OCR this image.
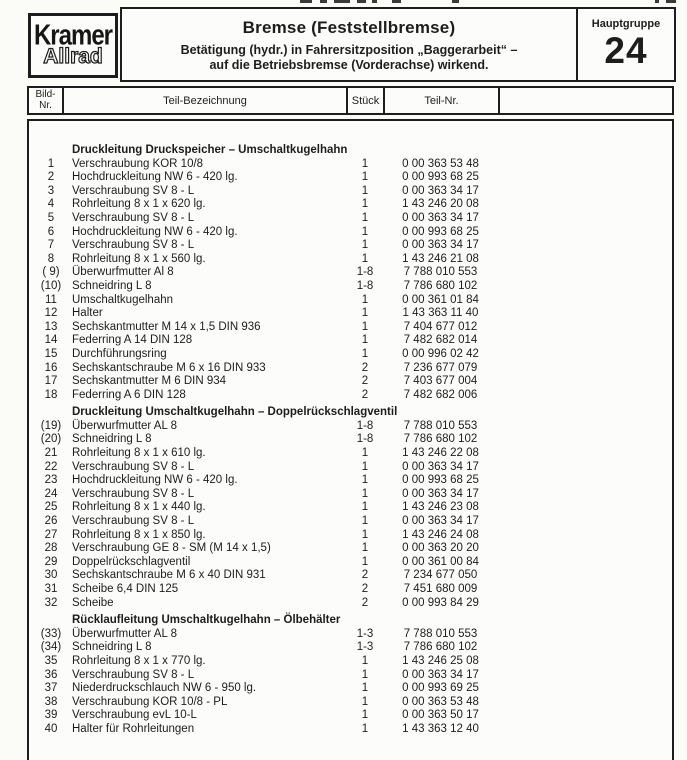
Kramer
Allrad
Bremse (Feststellbremse)
Betätigung (hydr.) in Fahrersitzposition „Baggerarbeit“ –
auf die Betriebsbremse (Vorderachse) wirkend.
Hauptgruppe
24
Bild-
Nr.	Teil-Bezeichnung	Stück	Teil-Nr.
Druckleitung Druckspeicher – Umschaltkugelhahn
1	Verschraubung KOR 10/8	1	0 00 363 53 48
2	Hochdruckleitung NW 6 - 420 lg.	1	0 00 993 68 25
3	Verschraubung SV 8 - L	1	0 00 363 34 17
4	Rohrleitung 8 x 1 x 620 lg.	1	1 43 246 20 08
5	Verschraubung SV 8 - L	1	0 00 363 34 17
6	Hochdruckleitung NW 6 - 420 lg.	1	0 00 993 68 25
7	Verschraubung SV 8 - L	1	0 00 363 34 17
8	Rohrleitung 8 x 1 x 560 lg.	1	1 43 246 21 08
( 9)	Überwurfmutter Al 8	1-8	7 788 010 553
(10) Schneidring L 8	1-8	7 786 680 102
11	Umschaltkugelhahn	1	0 00 361 01 84
12	Halter	1	1 43 363 11 40
13	Sechskantmutter M 14 x 1,5 DIN 936	1	7 404 677 012
14	Federring A 14 DIN 128	1	7 482 682 014
15	Durchführungsring	1	0 00 996 02 42
16	Sechskantschraube M 6 x 16 DIN 933	2	7 236 677 079
17	Sechskantmutter M 6 DIN 934	2	7 403 677 004
18	Federring A 6 DIN 128	2	7 482 682 006
Druckleitung Umschaltkugelhahn – Doppelrückschlagventil
(19) Überwurfmutter AL 8	1-8	7 788 010 553
(20) Schneidring L 8	1-8	7 786 680 102
21	Rohrleitung 8 x 1 x 610 lg.	1	1 43 246 22 08
22	Verschraubung SV 8 - L	1	0 00 363 34 17
23	Hochdruckleitung NW 6 - 420 lg.	1	0 00 993 68 25
24	Verschraubung SV 8 - L	1	0 00 363 34 17
25	Rohrleitung 8 x 1 x 440 lg.	1	1 43 246 23 08
26	Verschraubung SV 8 - L	1	0 00 363 34 17
27	Rohrleitung 8 x 1 x 850 lg.	1	1 43 246 24 08
28	Verschraubung GE 8 - SM (M 14 x 1,5)	1	0 00 363 20 20
29	Doppelrückschlagventil	1	0 00 361 00 84
30	Sechskantschraube M 6 x 40 DIN 931	2	7 234 677 050
31	Scheibe 6,4 DIN 125	2	7 451 680 009
32	Scheibe	2	0 00 993 84 29
Rücklaufleitung Umschaltkugelhahn – Ölbehälter
(33) Überwurfmutter AL 8	1-3	7 788 010 553
(34) Schneidring L 8	1-3	7 786 680 102
35	Rohrleitung 8 x 1 x 770 lg.	1	1 43 246 25 08
36	Verschraubung SV 8 - L	1	0 00 363 34 17
37	Niederdruckschlauch NW 6 - 950 lg.	1	0 00 993 69 25
38	Verschraubung KOR 10/8 - PL	1	0 00 363 53 48
39	Verschraubung evL 10-L	1	0 00 363 50 17
40	Halter für Rohrleitungen	1	1 43 363 12 40
